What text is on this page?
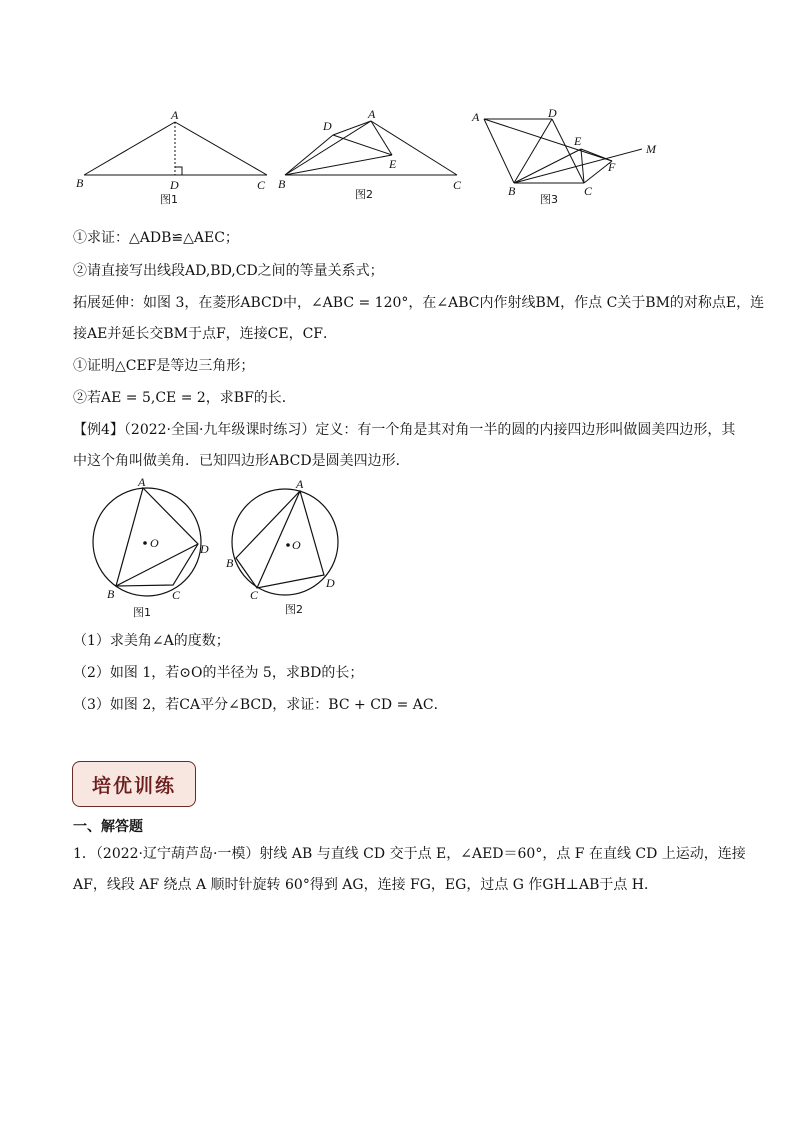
A
B	D	C
图1
A
D
E
B	C
图2
A	D
E
F
M
B	C
图3
①求证：△ADB≌△AEC；
②请直接写出线段AD,BD,CD之间的等量关系式；
拓展延伸：如图 3，在菱形ABCD中，∠ABC = 120°，在∠ABC内作射线BM，作点 C关于BM的对称点E，连
接AE并延长交BM于点F，连接CE，CF．
①证明△CEF是等边三角形；
②若AE = 5,CE = 2，求BF的长．
【例4】（2022·全国·九年级课时练习）定义：有一个角是其对角一半的圆的内接四边形叫做圆美四边形，其
中这个角叫做美角．已知四边形ABCD是圆美四边形．
O
A
D
B	C
图1
O
A
D
B
C
图2
（1）求美角∠A的度数；
（2）如图 1，若⊙O的半径为 5，求BD的长；
（3）如图 2，若CA平分∠BCD，求证：BC + CD = AC．
培优训练
一、解答题
1．（2022·辽宁葫芦岛·一模）射线 AB 与直线 CD 交于点 E，∠AED＝60°，点 F 在直线 CD 上运动，连接
AF，线段 AF 绕点 A 顺时针旋转 60°得到 AG，连接 FG，EG，过点 G 作GH⊥AB于点 H．
